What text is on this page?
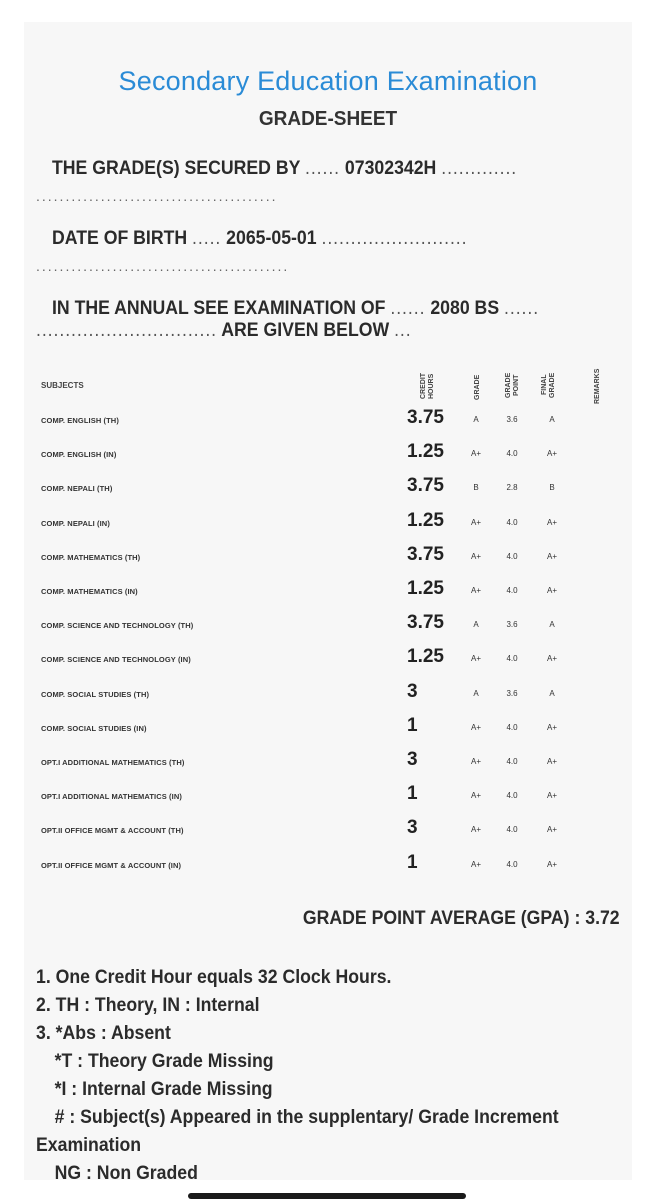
Secondary Education Examination
GRADE-SHEET
THE GRADE(S) SECURED BY ...... 07302342H .............
.........................................
DATE OF BIRTH ..... 2065-05-01 .........................
...........................................
IN THE ANNUAL SEE EXAMINATION OF ...... 2080 BS ......
............................... ARE GIVEN BELOW ...
SUBJECTS	CREDIT HOURS	GRADE	GRADE POINT	FINAL GRADE	REMARKS
COMP. ENGLISH (TH)	3.75	A	3.6	A
COMP. ENGLISH (IN)	1.25	A+	4.0	A+
COMP. NEPALI (TH)	3.75	B	2.8	B
COMP. NEPALI (IN)	1.25	A+	4.0	A+
COMP. MATHEMATICS (TH)	3.75	A+	4.0	A+
COMP. MATHEMATICS (IN)	1.25	A+	4.0	A+
COMP. SCIENCE AND TECHNOLOGY (TH)	3.75	A	3.6	A
COMP. SCIENCE AND TECHNOLOGY (IN)	1.25	A+	4.0	A+
COMP. SOCIAL STUDIES (TH)	3	A	3.6	A
COMP. SOCIAL STUDIES (IN)	1	A+	4.0	A+
OPT.I ADDITIONAL MATHEMATICS (TH)	3	A+	4.0	A+
OPT.I ADDITIONAL MATHEMATICS (IN)	1	A+	4.0	A+
OPT.II OFFICE MGMT & ACCOUNT (TH)	3	A+	4.0	A+
OPT.II OFFICE MGMT & ACCOUNT (IN)	1	A+	4.0	A+
GRADE POINT AVERAGE (GPA) : 3.72
1. One Credit Hour equals 32 Clock Hours.
2. TH : Theory, IN : Internal
3. *Abs : Absent
*T : Theory Grade Missing
*I : Internal Grade Missing
# : Subject(s) Appeared in the supplentary/ Grade Increment
Examination
NG : Non Graded
